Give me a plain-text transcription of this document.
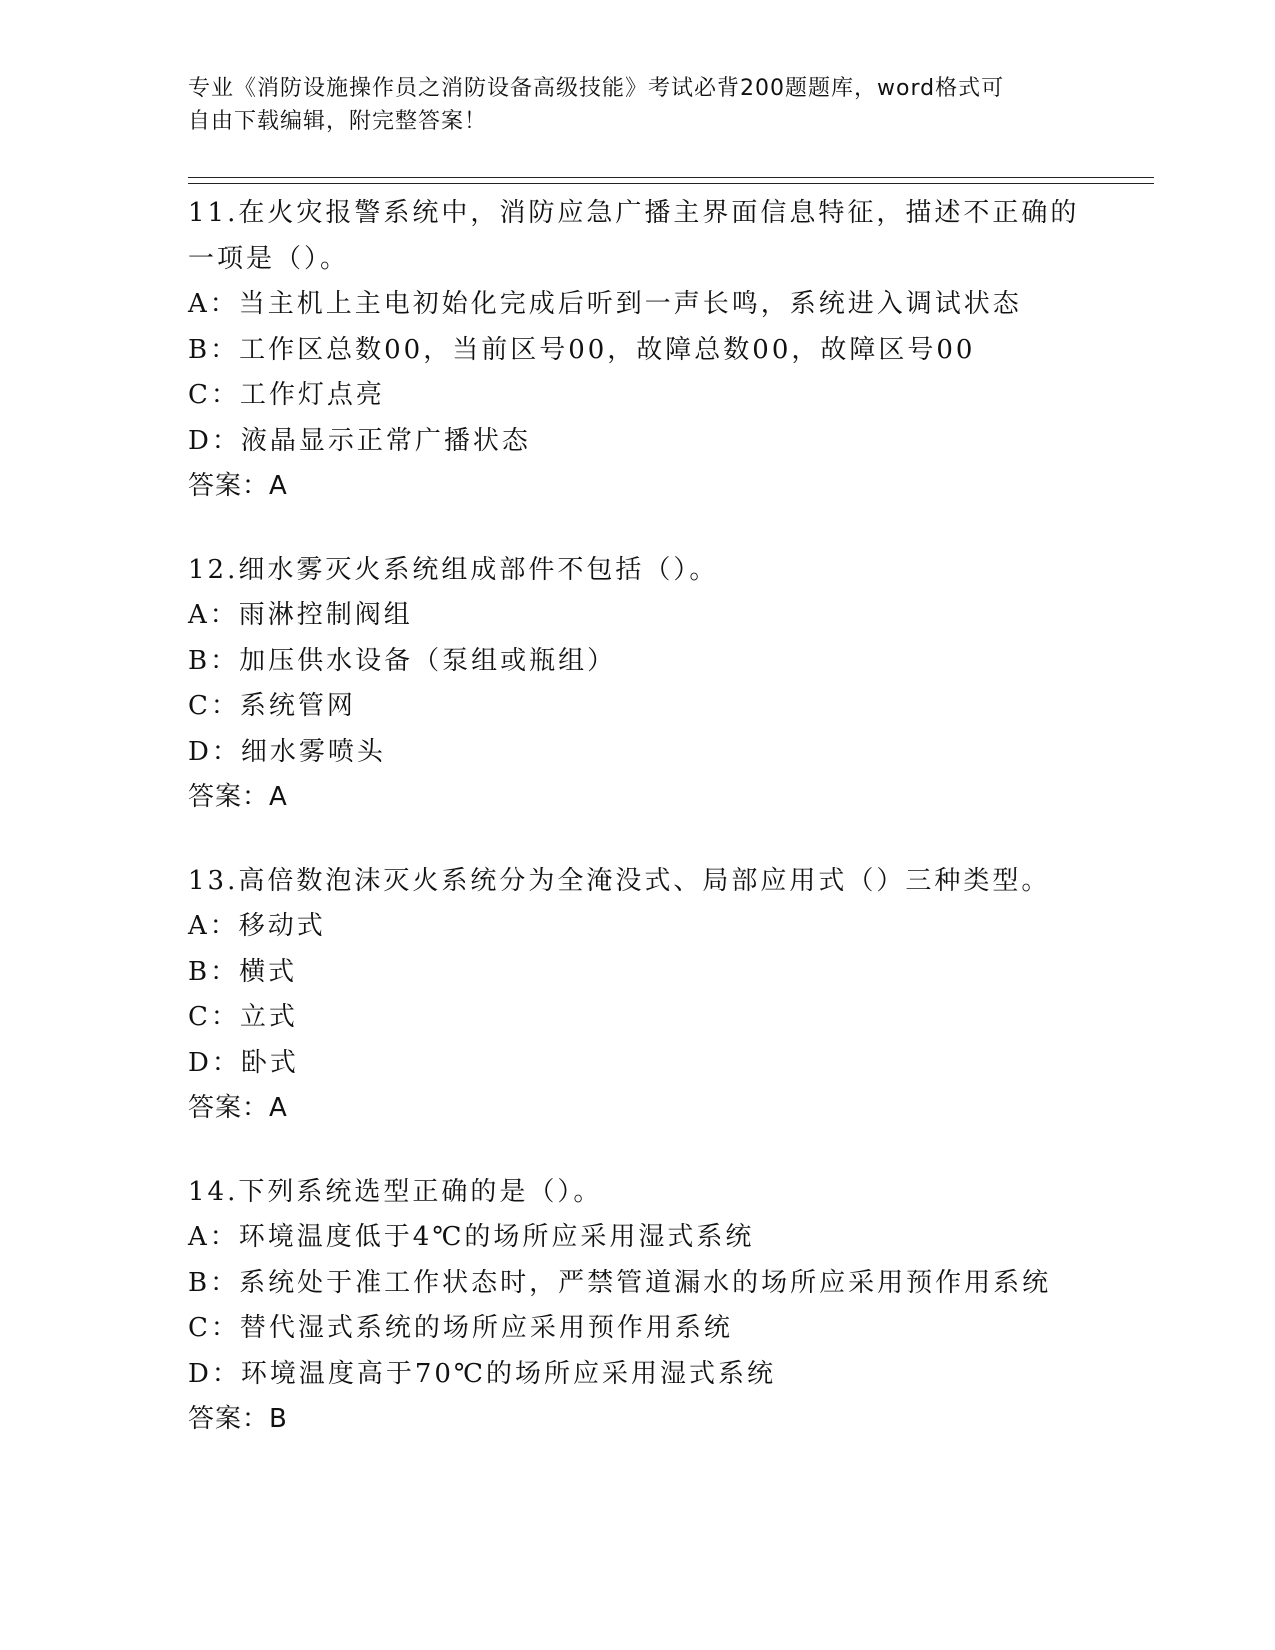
专业《消防设施操作员之消防设备高级技能》考试必背200题题库，word格式可
自由下载编辑，附完整答案！
11.在火灾报警系统中，消防应急广播主界面信息特征，描述不正确的
一项是（）。
A：当主机上主电初始化完成后听到一声长鸣，系统进入调试状态
B：工作区总数00，当前区号00，故障总数00，故障区号00
C：工作灯点亮
D：液晶显示正常广播状态
答案：A
12.细水雾灭火系统组成部件不包括（）。
A：雨淋控制阀组
B：加压供水设备（泵组或瓶组）
C：系统管网
D：细水雾喷头
答案：A
13.高倍数泡沫灭火系统分为全淹没式、局部应用式（）三种类型。
A：移动式
B：横式
C：立式
D：卧式
答案：A
14.下列系统选型正确的是（）。
A：环境温度低于4℃的场所应采用湿式系统
B：系统处于准工作状态时，严禁管道漏水的场所应采用预作用系统
C：替代湿式系统的场所应采用预作用系统
D：环境温度高于70℃的场所应采用湿式系统
答案：B
